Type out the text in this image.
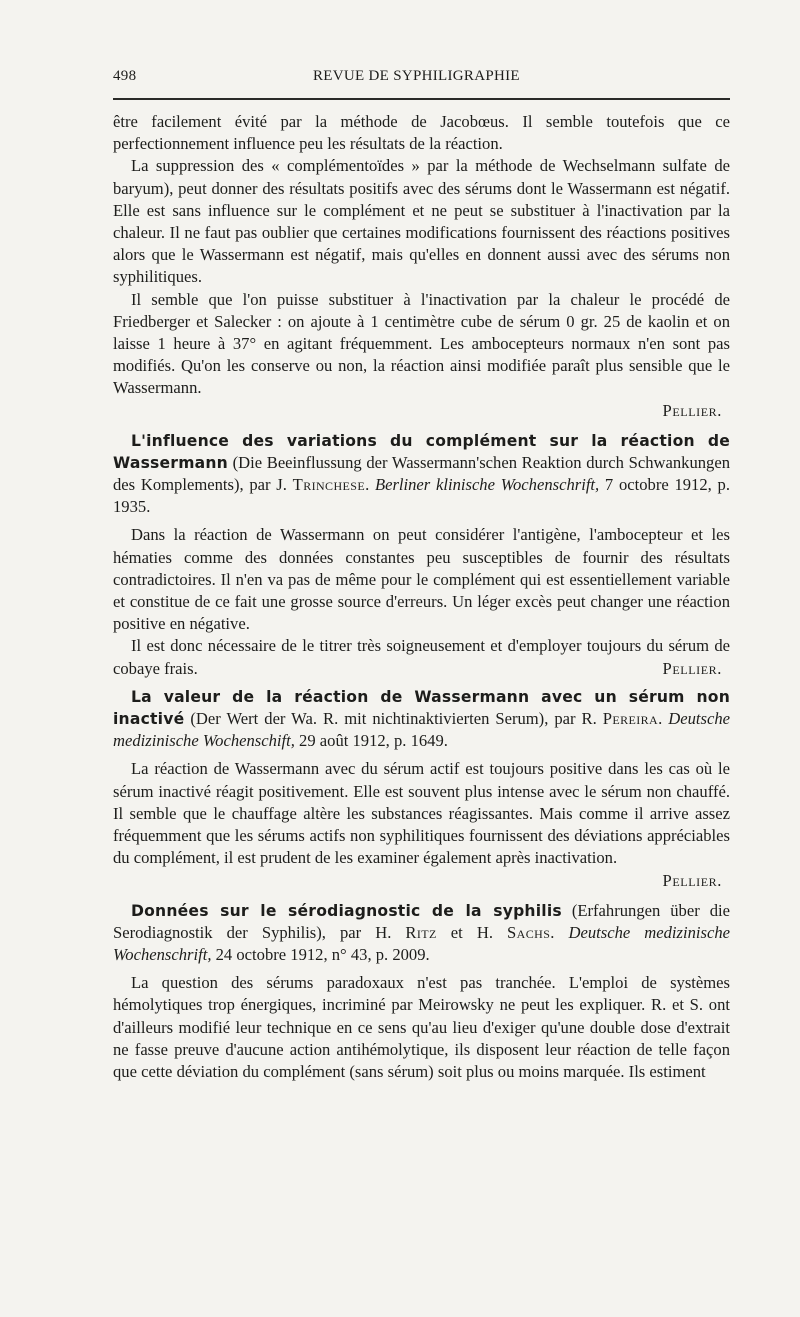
498	REVUE DE SYPHILIGRAPHIE

être facilement évité par la méthode de Jacobœus. Il semble toutefois que ce perfectionnement influence peu les résultats de la réaction.

La suppression des « complémentoïdes » par la méthode de Wechselmann sulfate de baryum), peut donner des résultats positifs avec des sérums dont le Wassermann est négatif. Elle est sans influence sur le complément et ne peut se substituer à l'inactivation par la chaleur. Il ne faut pas oublier que certaines modifications fournissent des réactions positives alors que le Wassermann est négatif, mais qu'elles en donnent aussi avec des sérums non syphilitiques.

Il semble que l'on puisse substituer à l'inactivation par la chaleur le procédé de Friedberger et Salecker : on ajoute à 1 centimètre cube de sérum 0 gr. 25 de kaolin et on laisse 1 heure à 37° en agitant fréquemment. Les ambocepteurs normaux n'en sont pas modifiés. Qu'on les conserve ou non, la réaction ainsi modifiée paraît plus sensible que le Wassermann.

Pellier.

L'influence des variations du complément sur la réaction de Wassermann (Die Beeinflussung der Wassermann'schen Reaktion durch Schwankungen des Komplements), par J. Trinchese. Berliner klinische Wochenschrift, 7 octobre 1912, p. 1935.

Dans la réaction de Wassermann on peut considérer l'antigène, l'ambocepteur et les hématies comme des données constantes peu susceptibles de fournir des résultats contradictoires. Il n'en va pas de même pour le complément qui est essentiellement variable et constitue de ce fait une grosse source d'erreurs. Un léger excès peut changer une réaction positive en négative.

Il est donc nécessaire de le titrer très soigneusement et d'employer toujours du sérum de cobaye frais.	Pellier.

La valeur de la réaction de Wassermann avec un sérum non inactivé (Der Wert der Wa. R. mit nichtinaktivierten Serum), par R. Pereira. Deutsche medizinische Wochenschift, 29 août 1912, p. 1649.

La réaction de Wassermann avec du sérum actif est toujours positive dans les cas où le sérum inactivé réagit positivement. Elle est souvent plus intense avec le sérum non chauffé. Il semble que le chauffage altère les substances réagissantes. Mais comme il arrive assez fréquemment que les sérums actifs non syphilitiques fournissent des déviations appréciables du complément, il est prudent de les examiner également après inactivation.

Pellier.

Données sur le sérodiagnostic de la syphilis (Erfahrungen über die Serodiagnostik der Syphilis), par H. Ritz et H. Sachs. Deutsche medizinische Wochenschrift, 24 octobre 1912, n° 43, p. 2009.

La question des sérums paradoxaux n'est pas tranchée. L'emploi de systèmes hémolytiques trop énergiques, incriminé par Meirowsky ne peut les expliquer. R. et S. ont d'ailleurs modifié leur technique en ce sens qu'au lieu d'exiger qu'une double dose d'extrait ne fasse preuve d'aucune action antihémolytique, ils disposent leur réaction de telle façon que cette déviation du complément (sans sérum) soit plus ou moins marquée. Ils estiment
